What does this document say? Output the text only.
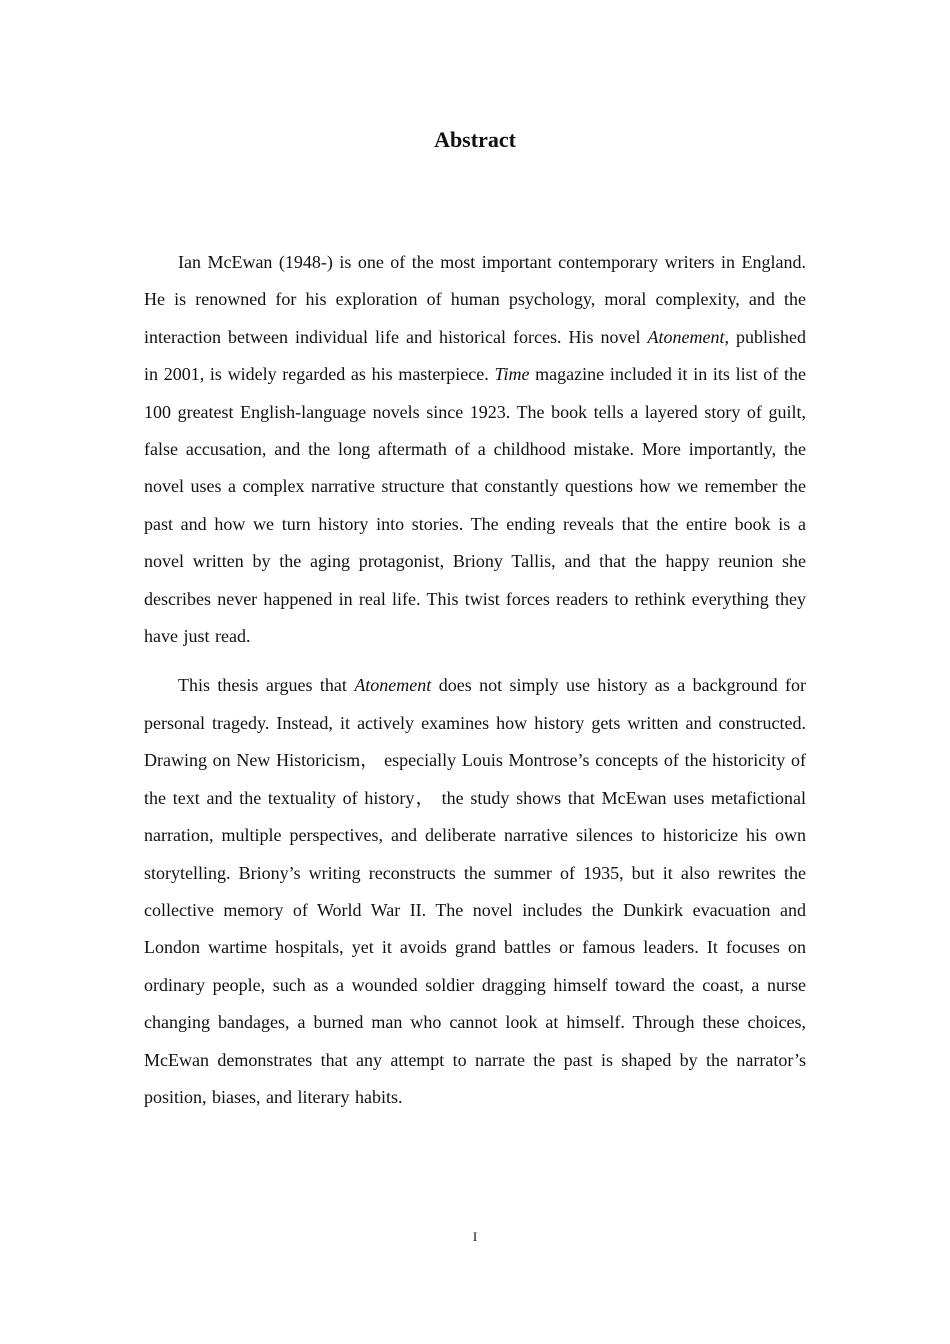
Abstract

Ian McEwan (1948-) is one of the most important contemporary writers in England. He is renowned for his exploration of human psychology, moral complexity, and the interaction between individual life and historical forces. His novel Atonement, published in 2001, is widely regarded as his masterpiece. Time magazine included it in its list of the 100 greatest English-language novels since 1923. The book tells a layered story of guilt, false accusation, and the long aftermath of a childhood mistake. More importantly, the novel uses a complex narrative structure that constantly questions how we remember the past and how we turn history into stories. The ending reveals that the entire book is a novel written by the aging protagonist, Briony Tallis, and that the happy reunion she describes never happened in real life. This twist forces readers to rethink everything they have just read.

This thesis argues that Atonement does not simply use history as a background for personal tragedy. Instead, it actively examines how history gets written and constructed. Drawing on New Historicism， especially Louis Montrose’s concepts of the historicity of the text and the textuality of history， the study shows that McEwan uses metafictional narration, multiple perspectives, and deliberate narrative silences to historicize his own storytelling. Briony’s writing reconstructs the summer of 1935, but it also rewrites the collective memory of World War II. The novel includes the Dunkirk evacuation and London wartime hospitals, yet it avoids grand battles or famous leaders. It focuses on ordinary people, such as a wounded soldier dragging himself toward the coast, a nurse changing bandages, a burned man who cannot look at himself. Through these choices, McEwan demonstrates that any attempt to narrate the past is shaped by the narrator’s position, biases, and literary habits.

I
